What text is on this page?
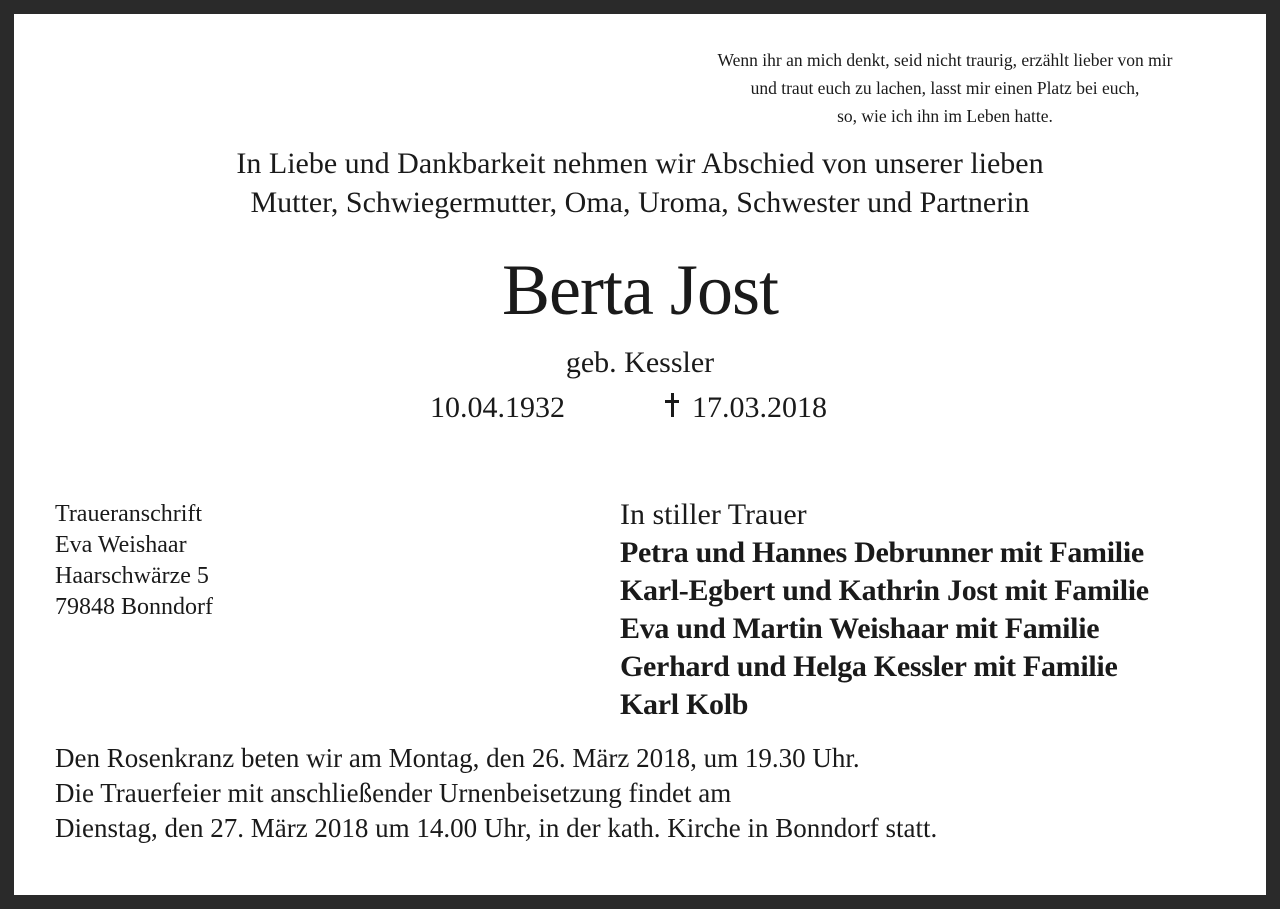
Wenn ihr an mich denkt, seid nicht traurig, erzählt lieber von mir
und traut euch zu lachen, lasst mir einen Platz bei euch,
so, wie ich ihn im Leben hatte.
In Liebe und Dankbarkeit nehmen wir Abschied von unserer lieben
Mutter, Schwiegermutter, Oma, Uroma, Schwester und Partnerin
Berta Jost
geb. Kessler
10.04.1932	17.03.2018
Traueranschrift
Eva Weishaar
Haarschwärze 5
79848 Bonndorf
In stiller Trauer
Petra und Hannes Debrunner mit Familie
Karl-Egbert und Kathrin Jost mit Familie
Eva und Martin Weishaar mit Familie
Gerhard und Helga Kessler mit Familie
Karl Kolb
Den Rosenkranz beten wir am Montag, den 26. März 2018, um 19.30 Uhr.
Die Trauerfeier mit anschließender Urnenbeisetzung findet am
Dienstag, den 27. März 2018 um 14.00 Uhr, in der kath. Kirche in Bonndorf statt.
